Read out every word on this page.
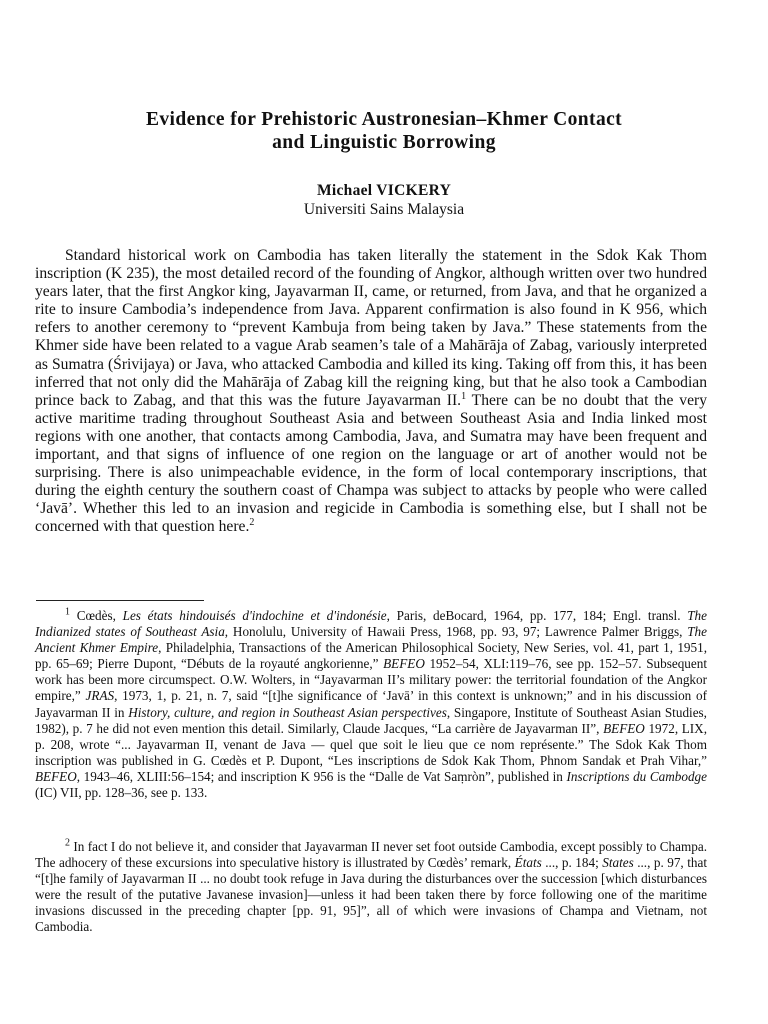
Evidence for Prehistoric Austronesian–Khmer Contact
and Linguistic Borrowing
Michael VICKERY
Universiti Sains Malaysia

Standard historical work on Cambodia has taken literally the statement in the Sdok Kak Thom inscription (K 235), the most detailed record of the founding of Angkor, although written over two hundred years later, that the first Angkor king, Jayavarman II, came, or returned, from Java, and that he organized a rite to insure Cambodia’s independence from Java. Apparent confirmation is also found in K 956, which refers to another ceremony to “prevent Kambuja from being taken by Java.” These statements from the Khmer side have been related to a vague Arab seamen’s tale of a Mahārāja of Zabag, variously interpreted as Sumatra (Śrivijaya) or Java, who attacked Cambodia and killed its king. Taking off from this, it has been inferred that not only did the Mahārāja of Zabag kill the reigning king, but that he also took a Cambodian prince back to Zabag, and that this was the future Jayavarman II.$^1$ There can be no doubt that the very active maritime trading throughout Southeast Asia and between Southeast Asia and India linked most regions with one another, that contacts among Cambodia, Java, and Sumatra may have been frequent and important, and that signs of influence of one region on the language or art of another would not be surprising. There is also unimpeachable evidence, in the form of local contemporary inscriptions, that during the eighth century the southern coast of Champa was subject to attacks by people who were called ‘Javā’. Whether this led to an invasion and regicide in Cambodia is something else, but I shall not be concerned with that question here.$^2$

$^1$ Cœdès, Les états hindouisés d'indochine et d'indonésie, Paris, deBocard, 1964, pp. 177, 184; Engl. transl. The Indianized states of Southeast Asia, Honolulu, University of Hawaii Press, 1968, pp. 93, 97; Lawrence Palmer Briggs, The Ancient Khmer Empire, Philadelphia, Transactions of the American Philosophical Society, New Series, vol. 41, part 1, 1951, pp. 65–69; Pierre Dupont, “Débuts de la royauté angkorienne,” BEFEO 1952–54, XLI:119–76, see pp. 152–57. Subsequent work has been more circumspect. O.W. Wolters, in “Jayavarman II’s military power: the territorial foundation of the Angkor empire,” JRAS, 1973, 1, p. 21, n. 7, said “[t]he significance of ‘Javā’ in this context is unknown;” and in his discussion of Jayavarman II in History, culture, and region in Southeast Asian perspectives, Singapore, Institute of Southeast Asian Studies, 1982), p. 7 he did not even mention this detail. Similarly, Claude Jacques, “La carrière de Jayavarman II”, BEFEO 1972, LIX, p. 208, wrote “... Jayavarman II, venant de Java — quel que soit le lieu que ce nom représente.” The Sdok Kak Thom inscription was published in G. Cœdès et P. Dupont, “Les inscriptions de Sdok Kak Thom, Phnom Sandak et Prah Vihar,” BEFEO, 1943–46, XLIII:56–154; and inscription K 956 is the “Dalle de Vat Saṃròn”, published in Inscriptions du Cambodge (IC) VII, pp. 128–36, see p. 133.

$^2$ In fact I do not believe it, and consider that Jayavarman II never set foot outside Cambodia, except possibly to Champa. The adhocery of these excursions into speculative history is illustrated by Cœdès’ remark, États ..., p. 184; States ..., p. 97, that “[t]he family of Jayavarman II ... no doubt took refuge in Java during the disturbances over the succession [which disturbances were the result of the putative Javanese invasion]—unless it had been taken there by force following one of the maritime invasions discussed in the preceding chapter [pp. 91, 95]”, all of which were invasions of Champa and Vietnam, not Cambodia.
